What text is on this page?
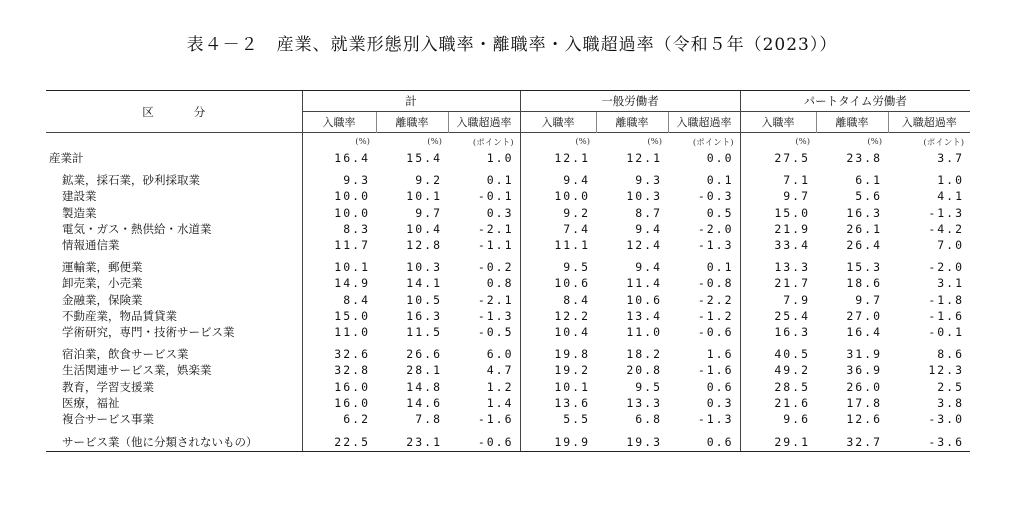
表４－２　産業、就業形態別入職率・離職率・入職超過率（令和５年（2023））
区分	計			一般労働者			パートタイム労働者		
	入職率	離職率	入職超過率	入職率	離職率	入職超過率	入職率	離職率	入職超過率
	(%)	(%)	(ポイント)	(%)	(%)	(ポイント)	(%)	(%)	(ポイント)
産業計	16.4	15.4	1.0	12.1	12.1	0.0	27.5	23.8	3.7

鉱業，採石業，砂利採取業	9.3	9.2	0.1	9.4	9.3	0.1	7.1	6.1	1.0
建設業	10.0	10.1	-0.1	10.0	10.3	-0.3	9.7	5.6	4.1
製造業	10.0	9.7	0.3	9.2	8.7	0.5	15.0	16.3	-1.3
電気・ガス・熱供給・水道業	8.3	10.4	-2.1	7.4	9.4	-2.0	21.9	26.1	-4.2
情報通信業	11.7	12.8	-1.1	11.1	12.4	-1.3	33.4	26.4	7.0

運輸業，郵便業	10.1	10.3	-0.2	9.5	9.4	0.1	13.3	15.3	-2.0
卸売業，小売業	14.9	14.1	0.8	10.6	11.4	-0.8	21.7	18.6	3.1
金融業，保険業	8.4	10.5	-2.1	8.4	10.6	-2.2	7.9	9.7	-1.8
不動産業，物品賃貸業	15.0	16.3	-1.3	12.2	13.4	-1.2	25.4	27.0	-1.6
学術研究，専門・技術サービス業	11.0	11.5	-0.5	10.4	11.0	-0.6	16.3	16.4	-0.1

宿泊業，飲食サービス業	32.6	26.6	6.0	19.8	18.2	1.6	40.5	31.9	8.6
生活関連サービス業，娯楽業	32.8	28.1	4.7	19.2	20.8	-1.6	49.2	36.9	12.3
教育，学習支援業	16.0	14.8	1.2	10.1	9.5	0.6	28.5	26.0	2.5
医療，福祉	16.0	14.6	1.4	13.6	13.3	0.3	21.6	17.8	3.8
複合サービス事業	6.2	7.8	-1.6	5.5	6.8	-1.3	9.6	12.6	-3.0

サービス業（他に分類されないもの）	22.5	23.1	-0.6	19.9	19.3	0.6	29.1	32.7	-3.6
